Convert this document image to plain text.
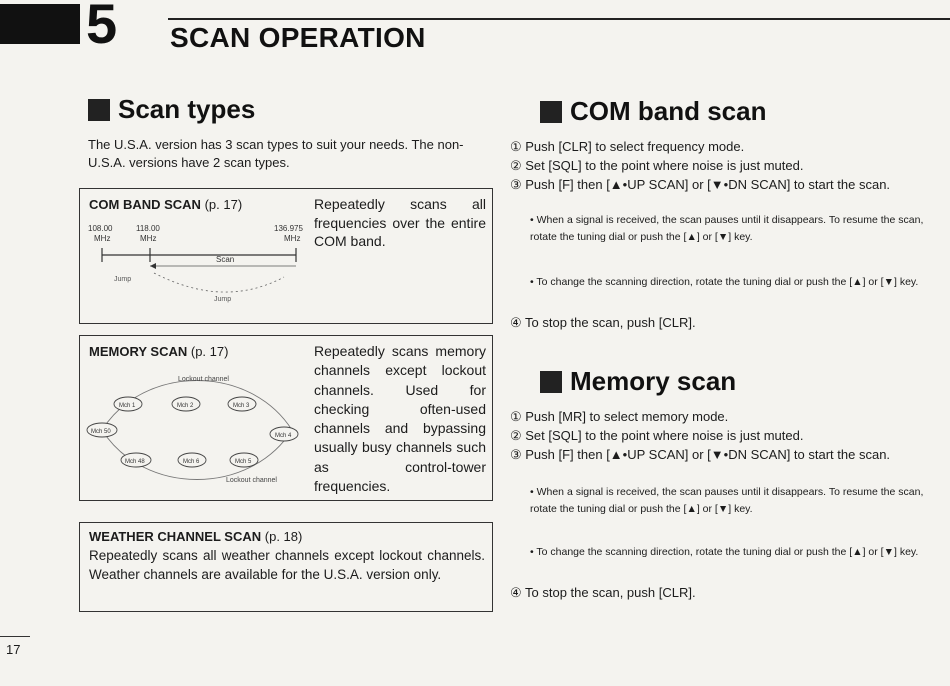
5 SCAN OPERATION
Scan types
The U.S.A. version has 3 scan types to suit your needs. The non-U.S.A. versions have 2 scan types.
COM BAND SCAN (p. 17)
108.00
MHz
118.00
MHz
136.975
MHz
Scan
Jump
Jump
Repeatedly scans all frequencies over the entire COM band.
MEMORY SCAN (p. 17)
Lockout channel
Mch 1	Mch 2	Mch 3
Mch 4
Mch 5
Mch 6
Mch 48
Mch 50
Lockout channel
Repeatedly scans memory channels except lockout channels. Used for checking often-used channels and bypassing usually busy channels such as control-tower frequencies.
WEATHER CHANNEL SCAN (p. 18)
Repeatedly scans all weather channels except lockout channels. Weather channels are available for the U.S.A. version only.
COM band scan
① Push [CLR] to select frequency mode.
② Set [SQL] to the point where noise is just muted.
③ Push [F] then [▲•UP SCAN] or [▼•DN SCAN] to start the scan.
• When a signal is received, the scan pauses until it disappears. To resume the scan, rotate the tuning dial or push the [▲] or [▼] key.
• To change the scanning direction, rotate the tuning dial or push the [▲] or [▼] key.
④ To stop the scan, push [CLR].
Memory scan
① Push [MR] to select memory mode.
② Set [SQL] to the point where noise is just muted.
③ Push [F] then [▲•UP SCAN] or [▼•DN SCAN] to start the scan.
• When a signal is received, the scan pauses until it disappears. To resume the scan, rotate the tuning dial or push the [▲] or [▼] key.
• To change the scanning direction, rotate the tuning dial or push the [▲] or [▼] key.
④ To stop the scan, push [CLR].
17
